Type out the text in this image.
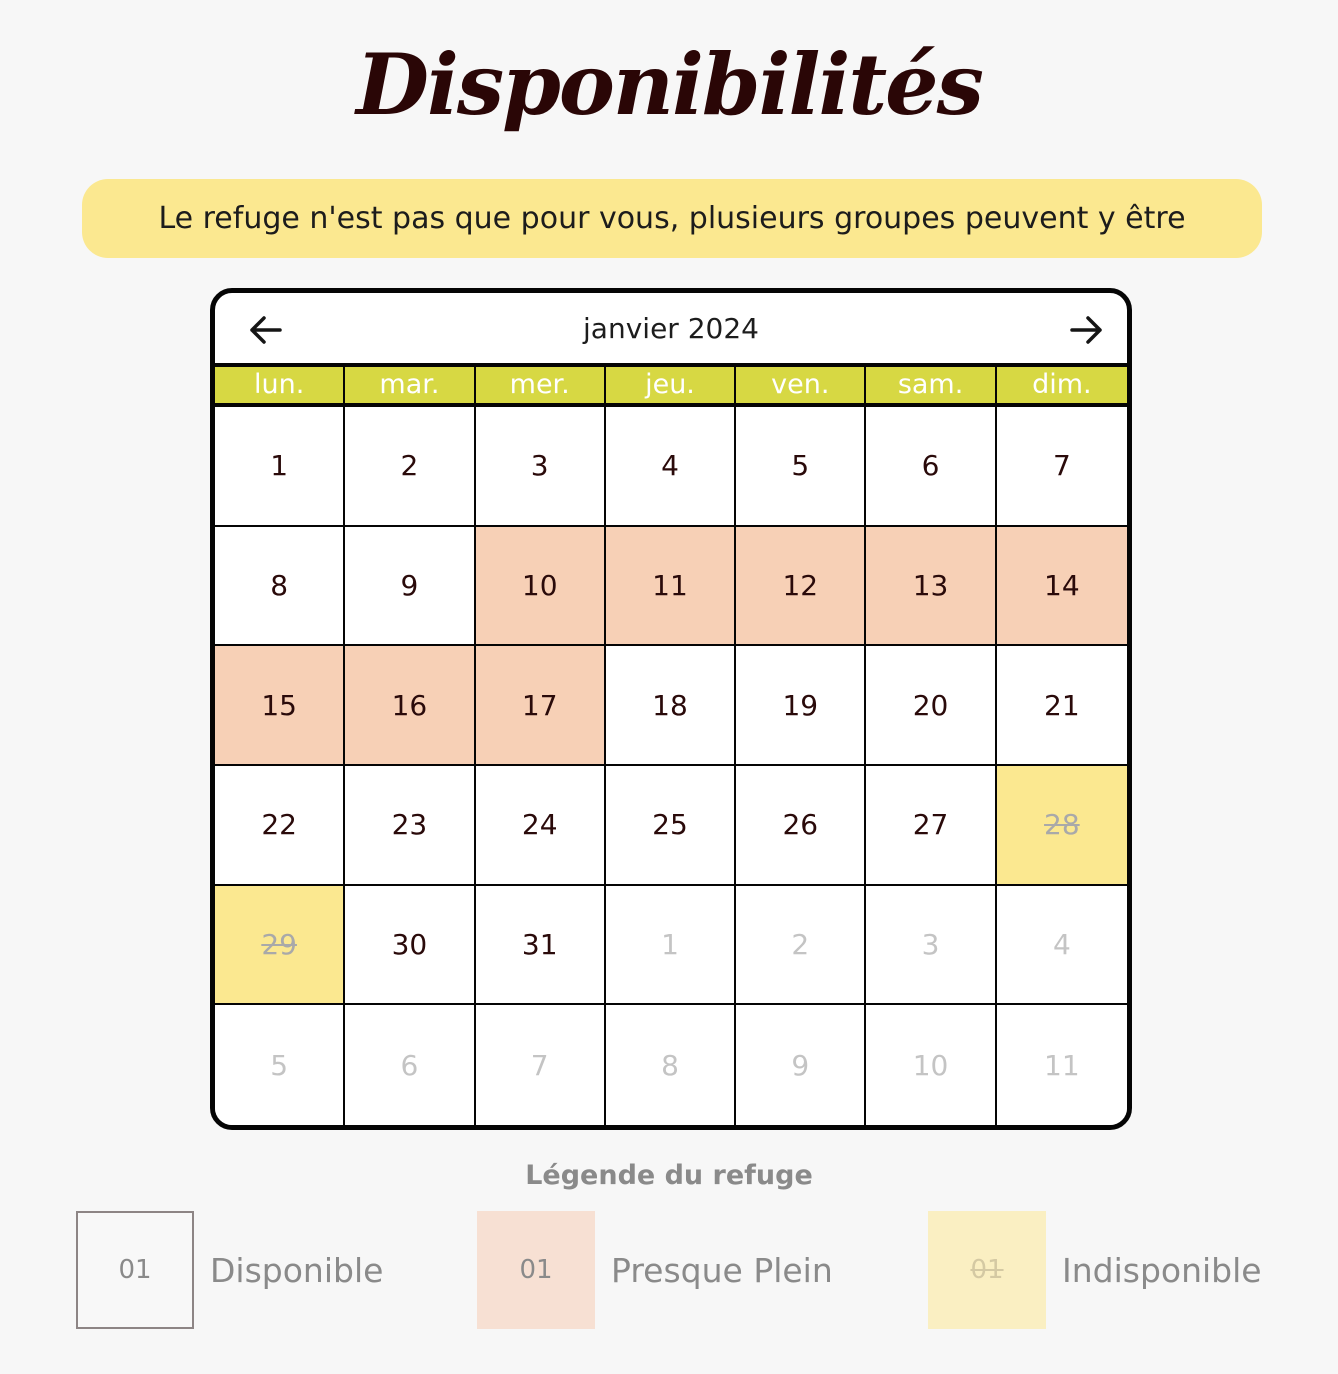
Disponibilités
Le refuge n'est pas que pour vous, plusieurs groupes peuvent y être
janvier 2024
lun.	mar.	mer.	jeu.	ven.	sam.	dim.
1	2	3	4	5	6	7
8	9	10	11	12	13	14
15	16	17	18	19	20	21
22	23	24	25	26	27	28
29	30	31	1	2	3	4
5	6	7	8	9	10	11
Légende du refuge
01	Disponible	01	Presque Plein	01	Indisponible
